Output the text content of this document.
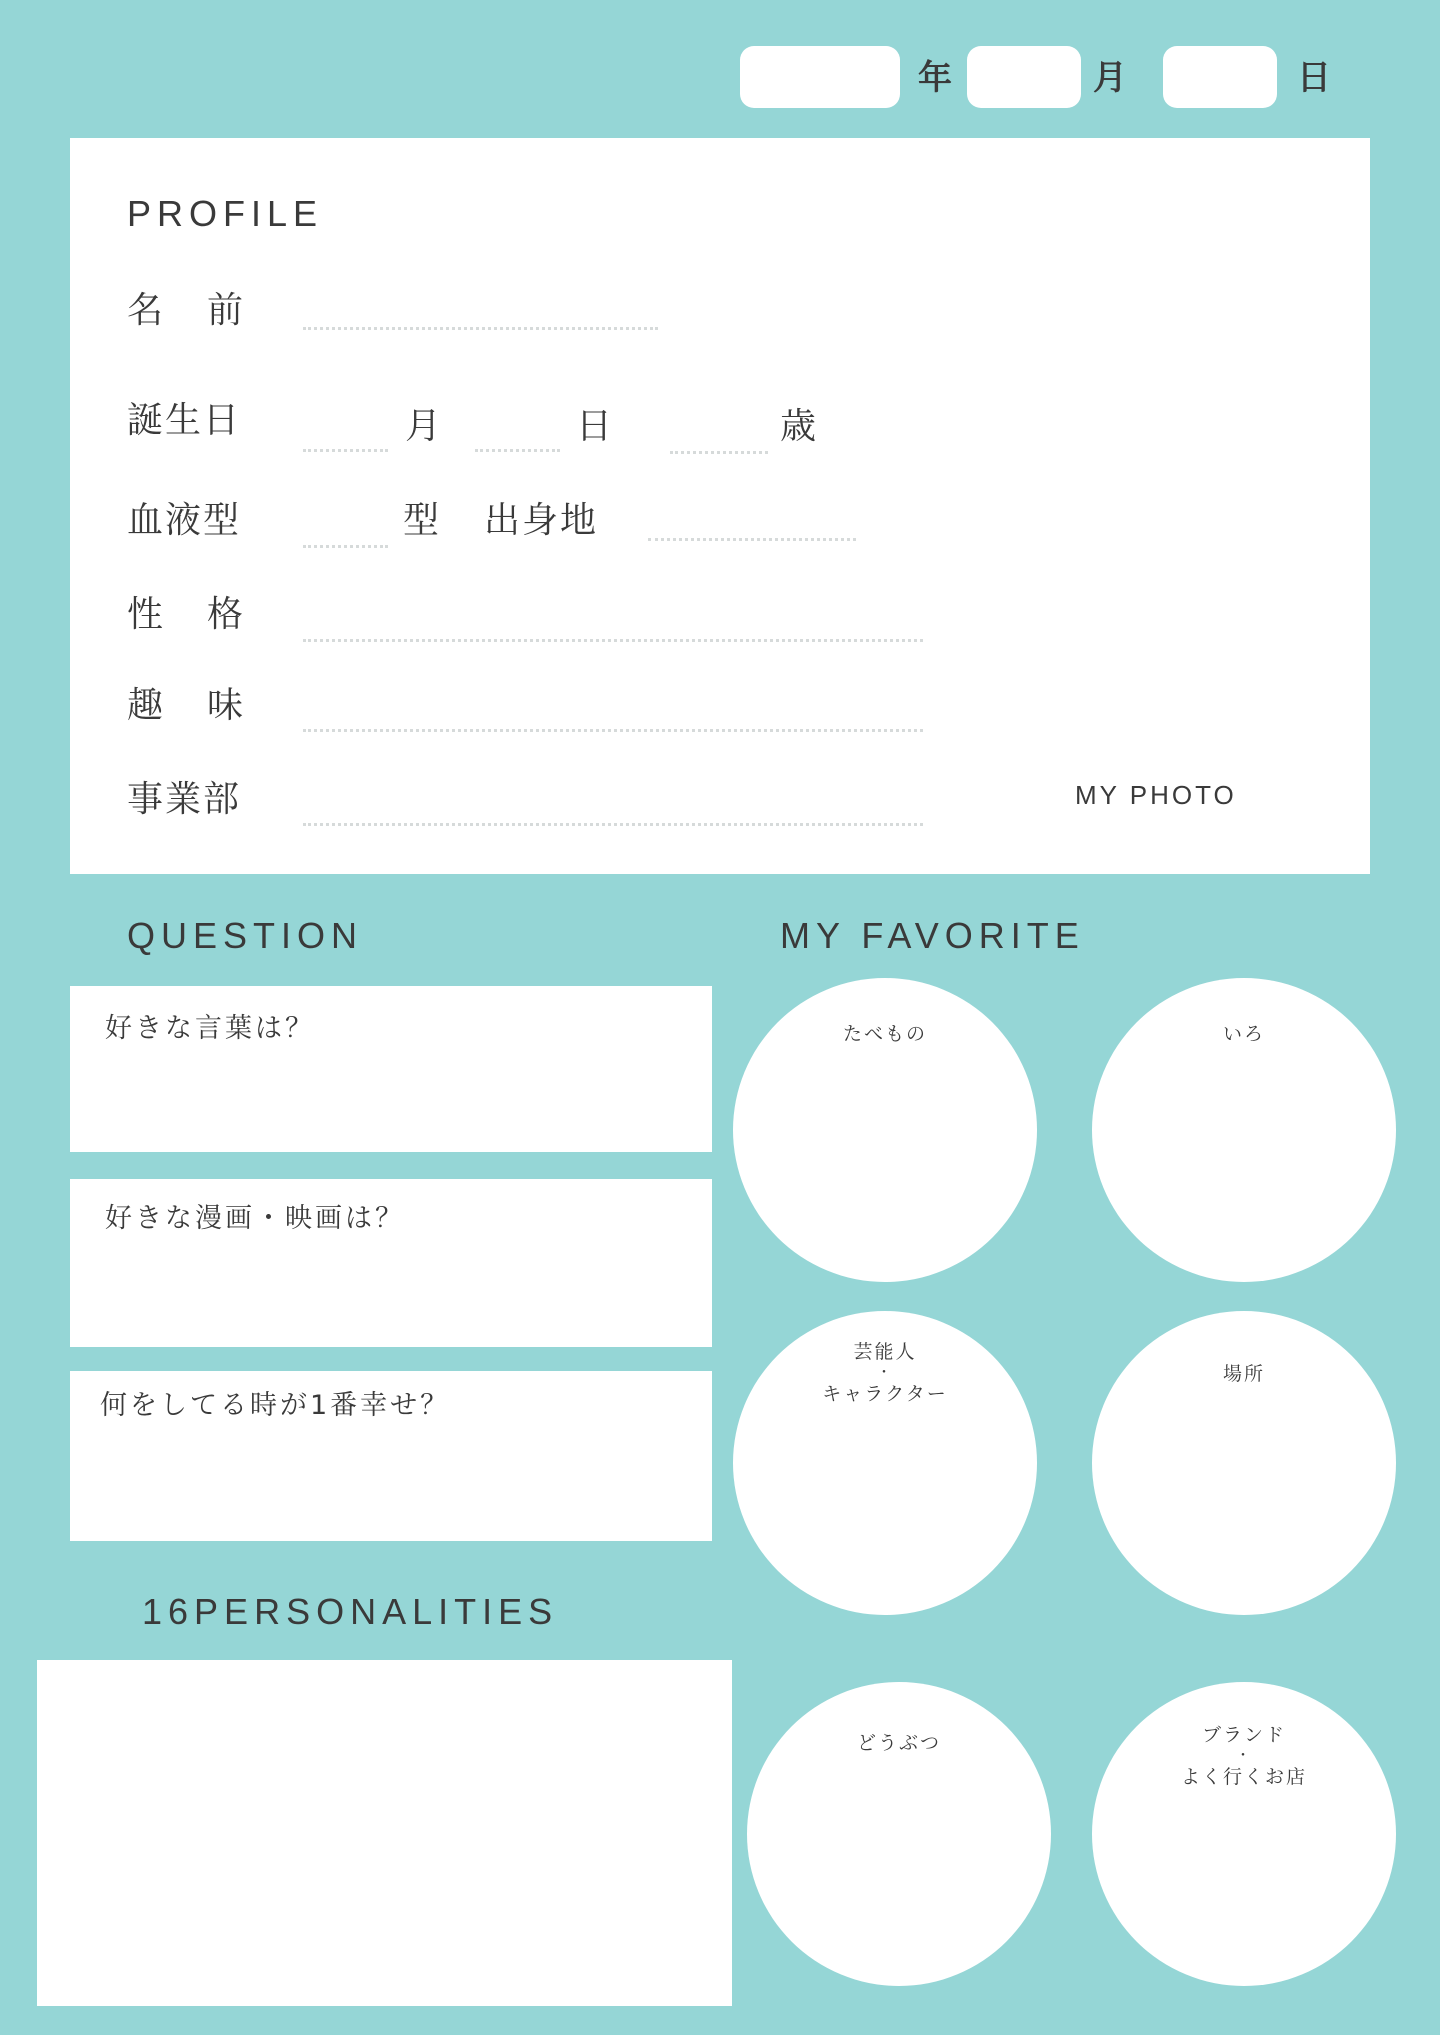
年	月	日
PROFILE
名前
誕生日	月	日	歳
血液型	型 出身地
性格
趣味
事業部	MY PHOTO
QUESTION
好きな言葉は？
好きな漫画・映画は？
何をしてる時が1番幸せ？
MY FAVORITE
たべもの	いろ
芸能人
・
キャラクター
場所
どうぶつ	ブランド
・
よく行くお店
16PERSONALITIES
